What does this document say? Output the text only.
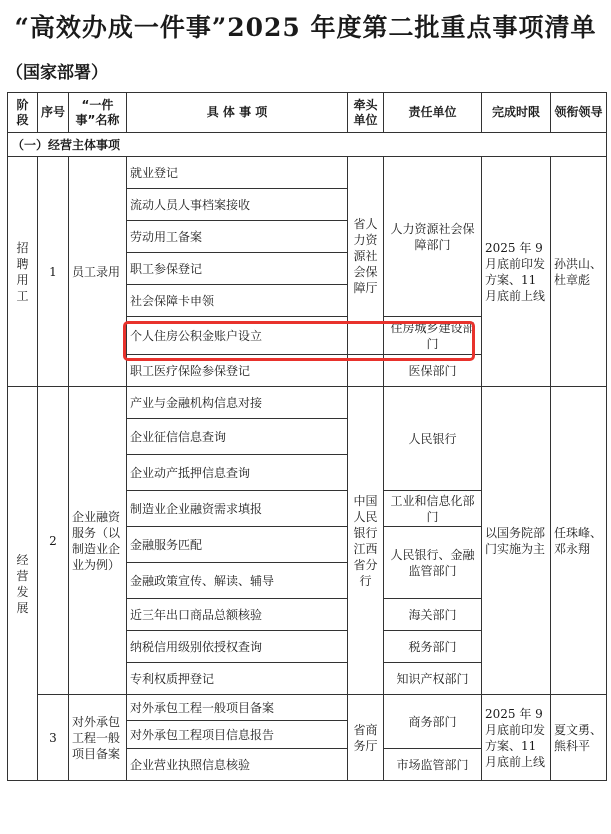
“高效办成一件事”2025 年度第二批重点事项清单
（国家部署）
阶段	序号	“一件事”名称	具 体 事 项	牵头单位	责任单位	完成时限	领衔领导
（一）经营主体事项							
招聘用工	1	员工录用	就业登记	省人力资源社会保障厅	人力资源社会保障部门	2025 年 9 月底前印发方案、11 月底前上线	孙洪山、杜章彪
			流动人员人事档案接收				
			劳动用工备案				
			职工参保登记				
			社会保障卡申领				
			个人住房公积金账户设立		住房城乡建设部门		
			职工医疗保险参保登记		医保部门		
经营发展	2	企业融资服务（以制造业企业为例）	产业与金融机构信息对接	中国人民银行江西省分行	人民银行	以国务院部门实施为主	任珠峰、邓永翔
			企业征信信息查询				
			企业动产抵押信息查询				
			制造业企业融资需求填报		工业和信息化部门		
			金融服务匹配		人民银行、金融监管部门		
			金融政策宣传、解读、辅导				
			近三年出口商品总额核验		海关部门		
			纳税信用级别依授权查询		税务部门		
			专利权质押登记		知识产权部门		
	3	对外承包工程一般项目备案	对外承包工程一般项目备案	省商务厅	商务部门	2025 年 9 月底前印发方案、11 月底前上线	夏文勇、熊科平
			对外承包工程项目信息报告				
			企业营业执照信息核验		市场监管部门		
